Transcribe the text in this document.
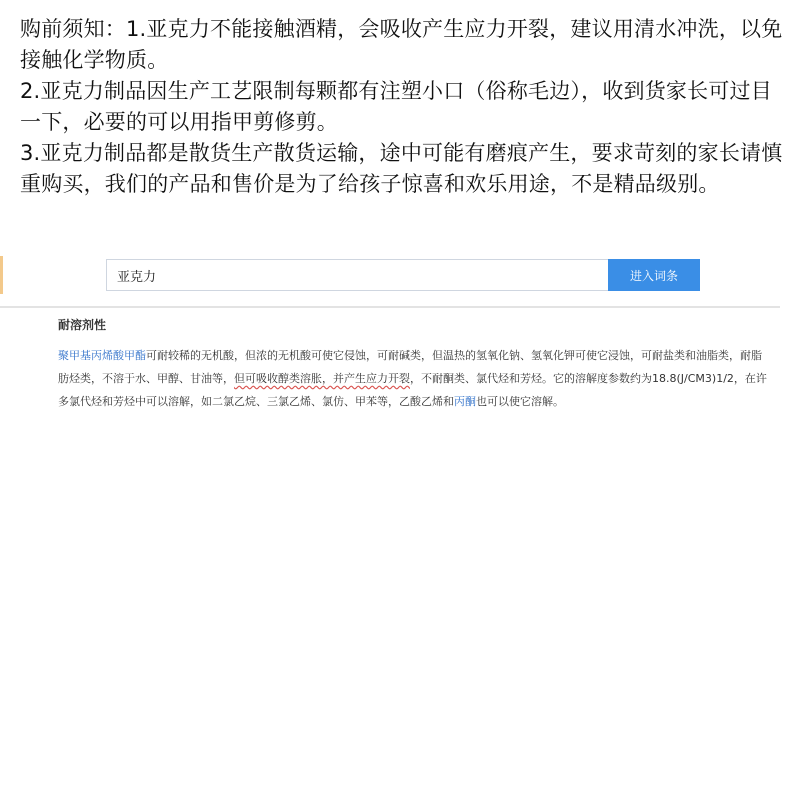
购前须知：1.亚克力不能接触酒精，会吸收产生应力开裂，建议用清水冲洗，以免接触化学物质。

2.亚克力制品因生产工艺限制每颗都有注塑小口（俗称毛边），收到货家长可过目一下，必要的可以用指甲剪修剪。

3.亚克力制品都是散货生产散货运输，途中可能有磨痕产生，要求苛刻的家长请慎重购买，我们的产品和售价是为了给孩子惊喜和欢乐用途，不是精品级别。

亚克力
进入词条
耐溶剂性
聚甲基丙烯酸甲酯可耐较稀的无机酸，但浓的无机酸可使它侵蚀，可耐碱类，但温热的氢氧化钠、氢氧化钾可使它浸蚀，可耐盐类和油脂类，耐脂肪烃类，不溶于水、甲醇、甘油等，但可吸收醇类溶胀，并产生应力开裂，不耐酮类、氯代烃和芳烃。它的溶解度参数约为18.8(J/CM3)1/2，在许多氯代烃和芳烃中可以溶解，如二氯乙烷、三氯乙烯、氯仿、甲苯等，乙酸乙烯和丙酮也可以使它溶解。
